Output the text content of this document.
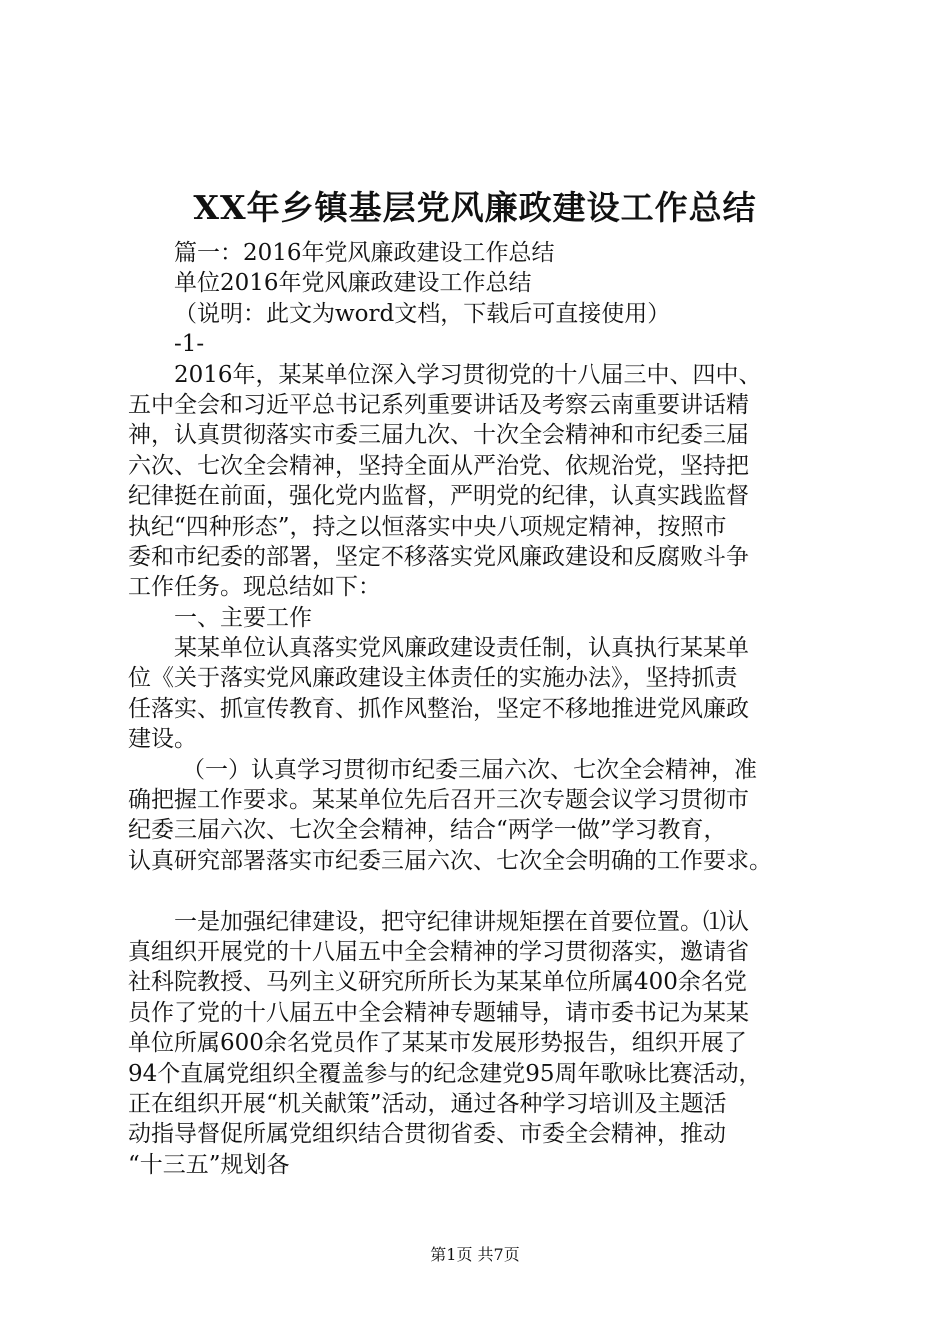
XX年乡镇基层党风廉政建设工作总结
篇一：2016年党风廉政建设工作总结
单位2016年党风廉政建设工作总结
（说明：此文为word文档，下载后可直接使用）
-1-
2016年，某某单位深入学习贯彻党的十八届三中、四中、
五中全会和习近平总书记系列重要讲话及考察云南重要讲话精
神，认真贯彻落实市委三届九次、十次全会精神和市纪委三届
六次、七次全会精神，坚持全面从严治党、依规治党，坚持把
纪律挺在前面，强化党内监督，严明党的纪律，认真实践监督
执纪“四种形态”，持之以恒落实中央八项规定精神，按照市
委和市纪委的部署，坚定不移落实党风廉政建设和反腐败斗争
工作任务。现总结如下：
一、主要工作
某某单位认真落实党风廉政建设责任制，认真执行某某单
位《关于落实党风廉政建设主体责任的实施办法》，坚持抓责
任落实、抓宣传教育、抓作风整治，坚定不移地推进党风廉政
建设。
（一）认真学习贯彻市纪委三届六次、七次全会精神，准
确把握工作要求。某某单位先后召开三次专题会议学习贯彻市
纪委三届六次、七次全会精神，结合“两学一做”学习教育，
认真研究部署落实市纪委三届六次、七次全会明确的工作要求。
一是加强纪律建设，把守纪律讲规矩摆在首要位置。⑴认
真组织开展党的十八届五中全会精神的学习贯彻落实，邀请省
社科院教授、马列主义研究所所长为某某单位所属400余名党
员作了党的十八届五中全会精神专题辅导，请市委书记为某某
单位所属600余名党员作了某某市发展形势报告，组织开展了
94个直属党组织全覆盖参与的纪念建党95周年歌咏比赛活动，
正在组织开展“机关献策”活动，通过各种学习培训及主题活
动指导督促所属党组织结合贯彻省委、市委全会精神，推动
“十三五”规划各
第1页 共7页
